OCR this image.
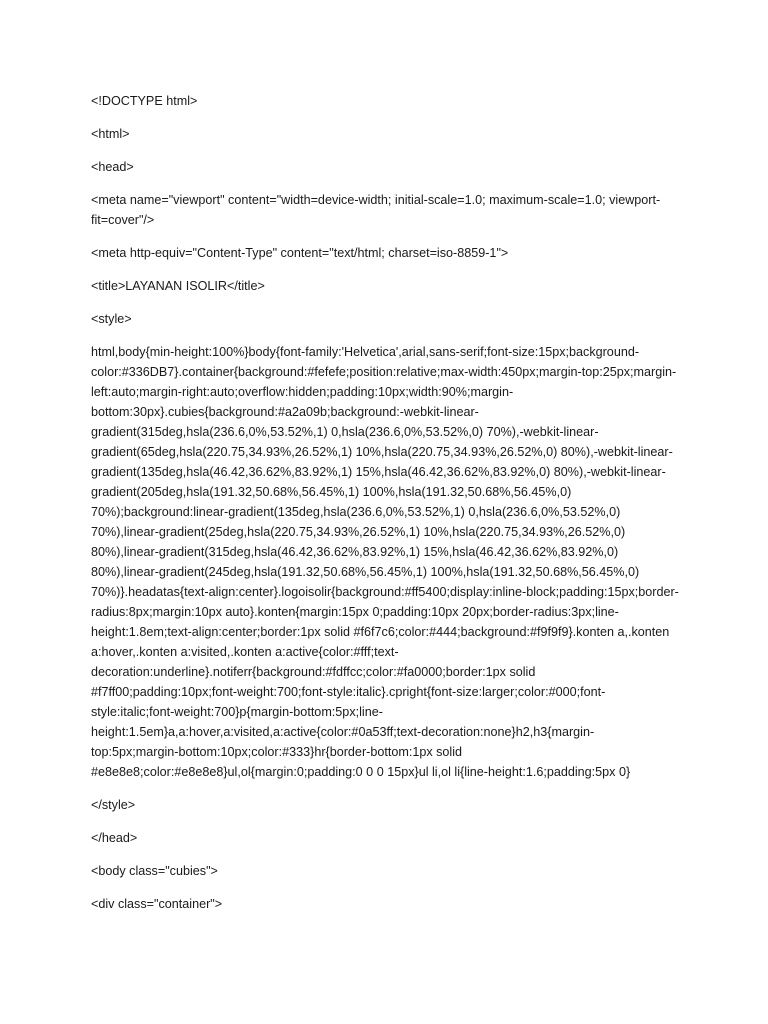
<!DOCTYPE html>

<html>

<head>

<meta name="viewport" content="width=device-width; initial-scale=1.0; maximum-scale=1.0; viewport-fit=cover"/>

<meta http-equiv="Content-Type" content="text/html; charset=iso-8859-1">

<title>LAYANAN ISOLIR</title>

<style>

html,body{min-height:100%}body{font-family:'Helvetica',arial,sans-serif;font-size:15px;background-color:#336DB7}.container{background:#fefefe;position:relative;max-width:450px;margin-top:25px;margin-left:auto;margin-right:auto;overflow:hidden;padding:10px;width:90%;margin-bottom:30px}.cubies{background:#a2a09b;background:-webkit-linear-gradient(315deg,hsla(236.6,0%,53.52%,1) 0,hsla(236.6,0%,53.52%,0) 70%),-webkit-linear-gradient(65deg,hsla(220.75,34.93%,26.52%,1) 10%,hsla(220.75,34.93%,26.52%,0) 80%),-webkit-linear-gradient(135deg,hsla(46.42,36.62%,83.92%,1) 15%,hsla(46.42,36.62%,83.92%,0) 80%),-webkit-linear-gradient(205deg,hsla(191.32,50.68%,56.45%,1) 100%,hsla(191.32,50.68%,56.45%,0) 70%);background:linear-gradient(135deg,hsla(236.6,0%,53.52%,1) 0,hsla(236.6,0%,53.52%,0) 70%),linear-gradient(25deg,hsla(220.75,34.93%,26.52%,1) 10%,hsla(220.75,34.93%,26.52%,0) 80%),linear-gradient(315deg,hsla(46.42,36.62%,83.92%,1) 15%,hsla(46.42,36.62%,83.92%,0) 80%),linear-gradient(245deg,hsla(191.32,50.68%,56.45%,1) 100%,hsla(191.32,50.68%,56.45%,0) 70%)}.headatas{text-align:center}.logoisolir{background:#ff5400;display:inline-block;padding:15px;border-radius:8px;margin:10px auto}.konten{margin:15px 0;padding:10px 20px;border-radius:3px;line-height:1.8em;text-align:center;border:1px solid #f6f7c6;color:#444;background:#f9f9f9}.konten a,.konten a:hover,.konten a:visited,.konten a:active{color:#fff;text-decoration:underline}.notiferr{background:#fdffcc;color:#fa0000;border:1px solid #f7ff00;padding:10px;font-weight:700;font-style:italic}.cpright{font-size:larger;color:#000;font-style:italic;font-weight:700}p{margin-bottom:5px;line-height:1.5em}a,a:hover,a:visited,a:active{color:#0a53ff;text-decoration:none}h2,h3{margin-top:5px;margin-bottom:10px;color:#333}hr{border-bottom:1px solid #e8e8e8;color:#e8e8e8}ul,ol{margin:0;padding:0 0 0 15px}ul li,ol li{line-height:1.6;padding:5px 0}

</style>

</head>

<body class="cubies">

<div class="container">
